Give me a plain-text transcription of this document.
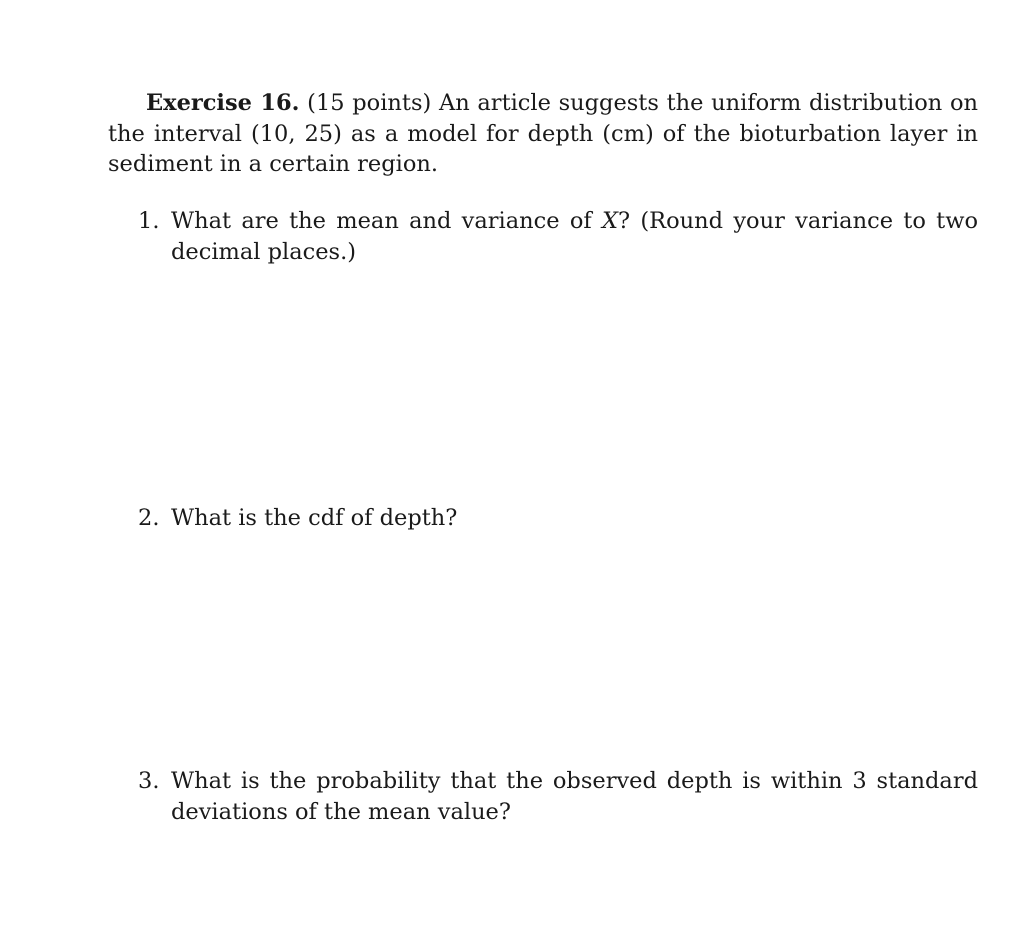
Exercise 16. (15 points) An article suggests the uniform distribution on the interval (10, 25) as a model for depth (cm) of the bioturbation layer in sediment in a certain region.

1. What are the mean and variance of X? (Round your variance to two decimal places.)
2. What is the cdf of depth?
3. What is the probability that the observed depth is within 3 standard deviations of the mean value?
